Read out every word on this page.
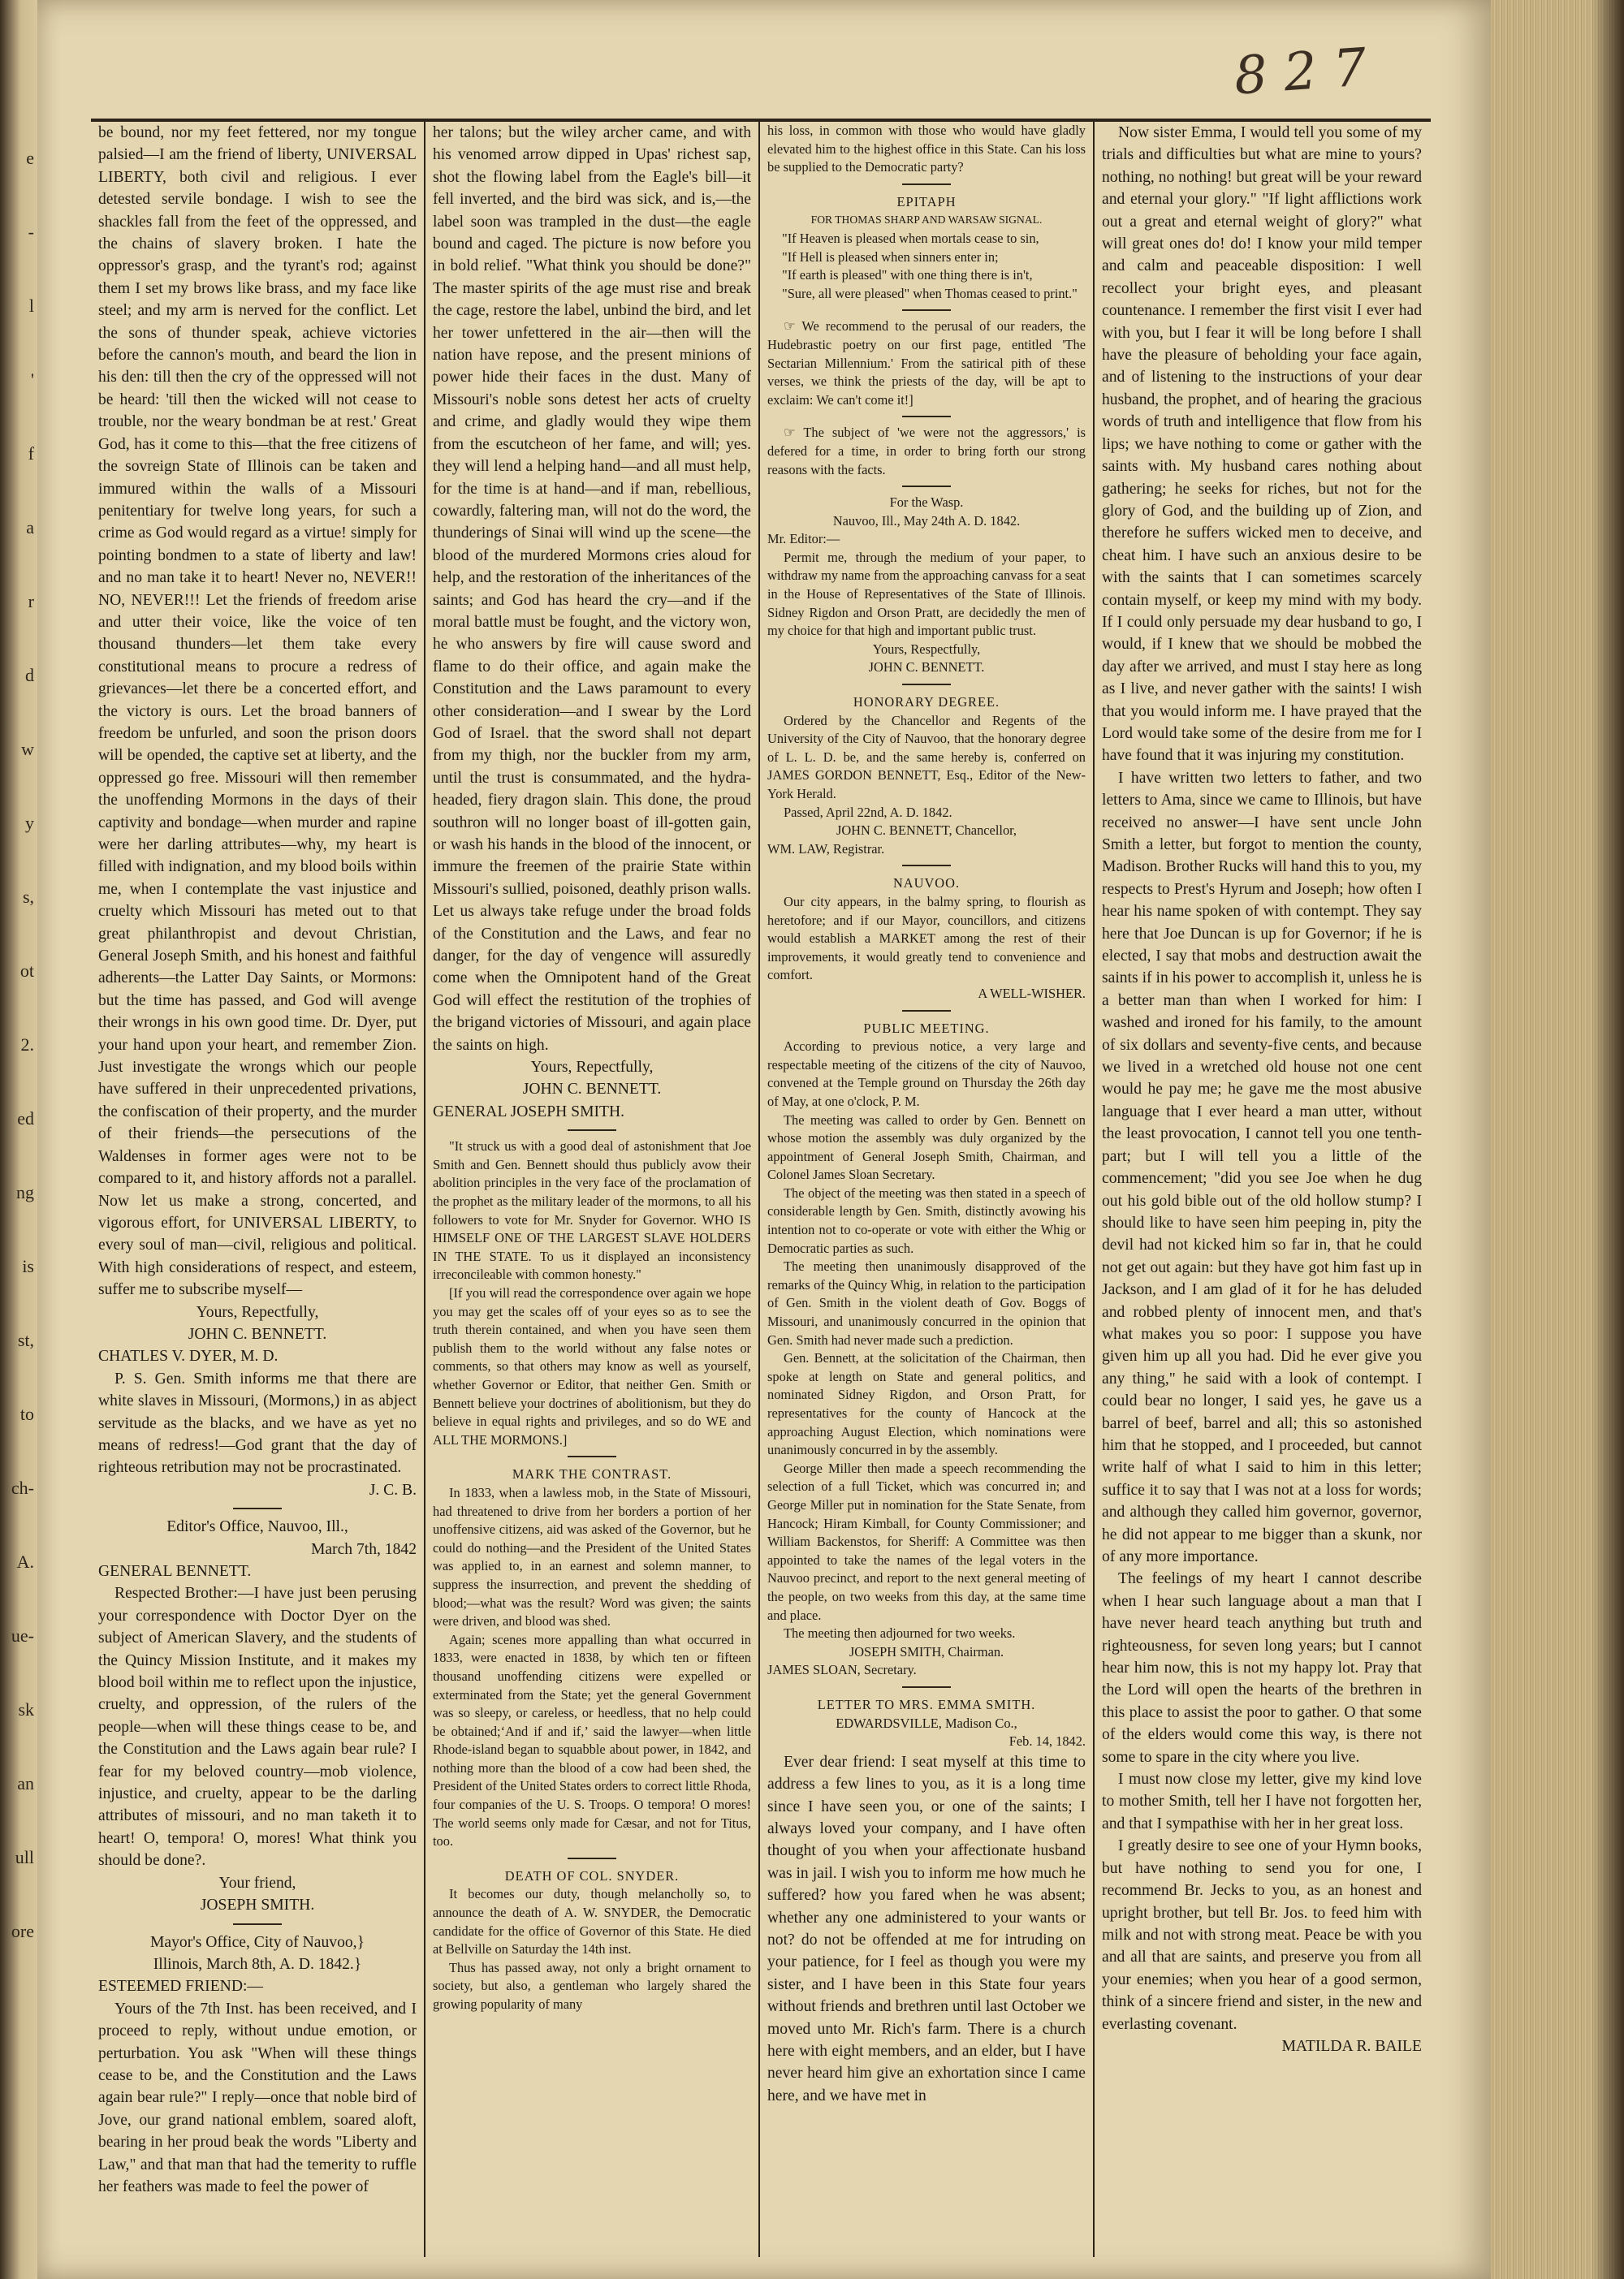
e
-
l
'
f
a
r
d
w
y
s,
ot
2.
ed
ng
is
st,
to
ch-
A.
ue-
sk
an
ull
ore
8 2 7

be bound, nor my feet fettered, nor my tongue palsied—I am the friend of liberty, UNIVERSAL LIBERTY, both civil and religious. I ever detested servile bondage. I wish to see the shackles fall from the feet of the oppressed, and the chains of slavery broken. I hate the oppressor's grasp, and the tyrant's rod; against them I set my brows like brass, and my face like steel; and my arm is nerved for the conflict. Let the sons of thunder speak, achieve victories before the cannon's mouth, and beard the lion in his den: till then the cry of the oppressed will not be heard: 'till then the wicked will not cease to trouble, nor the weary bondman be at rest.' Great God, has it come to this—that the free citizens of the sovreign State of Illinois can be taken and immured within the walls of a Missouri penitentiary for twelve long years, for such a crime as God would regard as a virtue! simply for pointing bondmen to a state of liberty and law! and no man take it to heart! Never no, NEVER!! NO, NEVER!!! Let the friends of freedom arise and utter their voice, like the voice of ten thousand thunders—let them take every constitutional means to procure a redress of grievances—let there be a concerted effort, and the victory is ours. Let the broad banners of freedom be unfurled, and soon the prison doors will be opended, the captive set at liberty, and the oppressed go free. Missouri will then remember the unoffending Mormons in the days of their captivity and bondage—when murder and rapine were her darling attributes—why, my heart is filled with indignation, and my blood boils within me, when I contemplate the vast injustice and cruelty which Missouri has meted out to that great philanthropist and devout Christian, General Joseph Smith, and his honest and faithful adherents—the Latter Day Saints, or Mormons: but the time has passed, and God will avenge their wrongs in his own good time. Dr. Dyer, put your hand upon your heart, and remember Zion. Just investigate the wrongs which our people have suffered in their unprecedented privations, the confiscation of their property, and the murder of their friends—the persecutions of the Waldenses in former ages were not to be compared to it, and history affords not a parallel. Now let us make a strong, concerted, and vigorous effort, for UNIVERSAL LIBERTY, to every soul of man—civil, religious and political. With high considerations of respect, and esteem, suffer me to subscribe myself—

Yours, Repectfully,

JOHN C. BENNETT.

CHATLES V. DYER, M. D.

P. S. Gen. Smith informs me that there are white slaves in Missouri, (Mormons,) in as abject servitude as the blacks, and we have as yet no means of redress!—God grant that the day of righteous retribution may not be procrastinated.

J. C. B.

Editor's Office, Nauvoo, Ill.,

March 7th, 1842

GENERAL BENNETT.

Respected Brother:—I have just been perusing your correspondence with Doctor Dyer on the subject of American Slavery, and the students of the Quincy Mission Institute, and it makes my blood boil within me to reflect upon the injustice, cruelty, and oppression, of the rulers of the people—when will these things cease to be, and the Constitution and the Laws again bear rule? I fear for my beloved country—mob violence, injustice, and cruelty, appear to be the darling attributes of missouri, and no man taketh it to heart! O, tempora! O, mores! What think you should be done?.

Your friend,

JOSEPH SMITH.

Mayor's Office, City of Nauvoo,}

Illinois, March 8th, A. D. 1842.}

ESTEEMED FRIEND:—

Yours of the 7th Inst. has been received, and I proceed to reply, without undue emotion, or perturbation. You ask "When will these things cease to be, and the Constitution and the Laws again bear rule?" I reply—once that noble bird of Jove, our grand national emblem, soared aloft, bearing in her proud beak the words "Liberty and Law," and that man that had the temerity to ruffle her feathers was made to feel the power of

her talons; but the wiley archer came, and with his venomed arrow dipped in Upas' richest sap, shot the flowing label from the Eagle's bill—it fell inverted, and the bird was sick, and is,—the label soon was trampled in the dust—the eagle bound and caged. The picture is now before you in bold relief. "What think you should be done?" The master spirits of the age must rise and break the cage, restore the label, unbind the bird, and let her tower unfettered in the air—then will the nation have repose, and the present minions of power hide their faces in the dust. Many of Missouri's noble sons detest her acts of cruelty and crime, and gladly would they wipe them from the escutcheon of her fame, and will; yes. they will lend a helping hand—and all must help, for the time is at hand—and if man, rebellious, cowardly, faltering man, will not do the word, the thunderings of Sinai will wind up the scene—the blood of the murdered Mormons cries aloud for help, and the restoration of the inheritances of the saints; and God has heard the cry—and if the moral battle must be fought, and the victory won, he who answers by fire will cause sword and flame to do their office, and again make the Constitution and the Laws paramount to every other consideration—and I swear by the Lord God of Israel. that the sword shall not depart from my thigh, nor the buckler from my arm, until the trust is consummated, and the hydra-headed, fiery dragon slain. This done, the proud southron will no longer boast of ill-gotten gain, or wash his hands in the blood of the innocent, or immure the freemen of the prairie State within Missouri's sullied, poisoned, deathly prison walls. Let us always take refuge under the broad folds of the Constitution and the Laws, and fear no danger, for the day of vengence will assuredly come when the Omnipotent hand of the Great God will effect the restitution of the trophies of the brigand victories of Missouri, and again place the saints on high.

Yours, Repectfully,

JOHN C. BENNETT.

GENERAL JOSEPH SMITH.

"It struck us with a good deal of astonishment that Joe Smith and Gen. Bennett should thus publicly avow their abolition principles in the very face of the proclamation of the prophet as the military leader of the mormons, to all his followers to vote for Mr. Snyder for Governor. WHO IS HIMSELF ONE OF THE LARGEST SLAVE HOLDERS IN THE STATE. To us it displayed an inconsistency irreconcileable with common honesty."

[If you will read the correspondence over again we hope you may get the scales off of your eyes so as to see the truth therein contained, and when you have seen them publish them to the world without any false notes or comments, so that others may know as well as yourself, whether Governor or Editor, that neither Gen. Smith or Bennett believe your doctrines of abolitionism, but they do believe in equal rights and privileges, and so do WE and ALL THE MORMONS.]

MARK THE CONTRAST.

In 1833, when a lawless mob, in the State of Missouri, had threatened to drive from her borders a portion of her unoffensive citizens, aid was asked of the Governor, but he could do nothing—and the President of the United States was applied to, in an earnest and solemn manner, to suppress the insurrection, and prevent the shedding of blood;—what was the result? Word was given; the saints were driven, and blood was shed.

Again; scenes more appalling than what occurred in 1833, were enacted in 1838, by which ten or fifteen thousand unoffending citizens were expelled or exterminated from the State; yet the general Government was so sleepy, or careless, or heedless, that no help could be obtained;‘And if and if,’ said the lawyer—when little Rhode-island began to squabble about power, in 1842, and nothing more than the blood of a cow had been shed, the President of the United States orders to correct little Rhoda, four companies of the U. S. Troops. O tempora! O mores! The world seems only made for Cæsar, and not for Titus, too.

DEATH OF COL. SNYDER.

It becomes our duty, though melancholly so, to announce the death of A. W. SNYDER, the Democratic candidate for the office of Governor of this State. He died at Bellville on Saturday the 14th inst.

Thus has passed away, not only a bright ornament to society, but also, a gentleman who largely shared the growing popularity of many

his loss, in common with those who would have gladly elevated him to the highest office in this State. Can his loss be supplied to the Democratic party?

EPITAPH

FOR THOMAS SHARP AND WARSAW SIGNAL.

"If Heaven is pleased when mortals cease to sin,

"If Hell is pleased when sinners enter in;

"If earth is pleased" with one thing there is in't,

"Sure, all were pleased" when Thomas ceased to print."

☞ We recommend to the perusal of our readers, the Hudebrastic poetry on our first page, entitled 'The Sectarian Millennium.' From the satirical pith of these verses, we think the priests of the day, will be apt to exclaim: We can't come it!]

☞ The subject of 'we were not the aggressors,' is defered for a time, in order to bring forth our strong reasons with the facts.

For the Wasp.

Nauvoo, Ill., May 24th A. D. 1842.

Mr. Editor:—

Permit me, through the medium of your paper, to withdraw my name from the approaching canvass for a seat in the House of Representatives of the State of Illinois. Sidney Rigdon and Orson Pratt, are decidedly the men of my choice for that high and important public trust.

Yours, Respectfully,

JOHN C. BENNETT.

HONORARY DEGREE.

Ordered by the Chancellor and Regents of the University of the City of Nauvoo, that the honorary degree of L. L. D. be, and the same hereby is, conferred on JAMES GORDON BENNETT, Esq., Editor of the New-York Herald.

Passed, April 22nd, A. D. 1842.

JOHN C. BENNETT, Chancellor,

WM. LAW, Registrar.

NAUVOO.

Our city appears, in the balmy spring, to flourish as heretofore; and if our Mayor, councillors, and citizens would establish a MARKET among the rest of their improvements, it would greatly tend to convenience and comfort.

A WELL-WISHER.

PUBLIC MEETING.

According to previous notice, a very large and respectable meeting of the citizens of the city of Nauvoo, convened at the Temple ground on Thursday the 26th day of May, at one o'clock, P. M.

The meeting was called to order by Gen. Bennett on whose motion the assembly was duly organized by the appointment of General Joseph Smith, Chairman, and Colonel James Sloan Secretary.

The object of the meeting was then stated in a speech of considerable length by Gen. Smith, distinctly avowing his intention not to co-operate or vote with either the Whig or Democratic parties as such.

The meeting then unanimously disapproved of the remarks of the Quincy Whig, in relation to the participation of Gen. Smith in the violent death of Gov. Boggs of Missouri, and unanimously concurred in the opinion that Gen. Smith had never made such a prediction.

Gen. Bennett, at the solicitation of the Chairman, then spoke at length on State and general politics, and nominated Sidney Rigdon, and Orson Pratt, for representatives for the county of Hancock at the approaching August Election, which nominations were unanimously concurred in by the assembly.

George Miller then made a speech recommending the selection of a full Ticket, which was concurred in; and George Miller put in nomination for the State Senate, from Hancock; Hiram Kimball, for County Commissioner; and William Backenstos, for Sheriff: A Committee was then appointed to take the names of the legal voters in the Nauvoo precinct, and report to the next general meeting of the people, on two weeks from this day, at the same time and place.

The meeting then adjourned for two weeks.

JOSEPH SMITH, Chairman.

JAMES SLOAN, Secretary.

LETTER TO MRS. EMMA SMITH.

EDWARDSVILLE, Madison Co.,

Feb. 14, 1842.

Ever dear friend: I seat myself at this time to address a few lines to you, as it is a long time since I have seen you, or one of the saints; I always loved your company, and I have often thought of you when your affectionate husband was in jail. I wish you to inform me how much he suffered? how you fared when he was absent; whether any one administered to your wants or not? do not be offended at me for intruding on your patience, for I feel as though you were my sister, and I have been in this State four years without friends and brethren until last October we moved unto Mr. Rich's farm. There is a church here with eight members, and an elder, but I have never heard him give an exhortation since I came here, and we have met in

Now sister Emma, I would tell you some of my trials and difficulties but what are mine to yours? nothing, no nothing! but great will be your reward and eternal your glory." "If light afflictions work out a great and eternal weight of glory?" what will great ones do! do! I know your mild temper and calm and peaceable disposition: I well recollect your bright eyes, and pleasant countenance. I remember the first visit I ever had with you, but I fear it will be long before I shall have the pleasure of beholding your face again, and of listening to the instructions of your dear husband, the prophet, and of hearing the gracious words of truth and intelligence that flow from his lips; we have nothing to come or gather with the saints with. My husband cares nothing about gathering; he seeks for riches, but not for the glory of God, and the building up of Zion, and therefore he suffers wicked men to deceive, and cheat him. I have such an anxious desire to be with the saints that I can sometimes scarcely contain myself, or keep my mind with my body. If I could only persuade my dear husband to go, I would, if I knew that we should be mobbed the day after we arrived, and must I stay here as long as I live, and never gather with the saints! I wish that you would inform me. I have prayed that the Lord would take some of the desire from me for I have found that it was injuring my constitution.

I have written two letters to father, and two letters to Ama, since we came to Illinois, but have received no answer—I have sent uncle John Smith a letter, but forgot to mention the county, Madison. Brother Rucks will hand this to you, my respects to Prest's Hyrum and Joseph; how often I hear his name spoken of with contempt. They say here that Joe Duncan is up for Governor; if he is elected, I say that mobs and destruction await the saints if in his power to accomplish it, unless he is a better man than when I worked for him: I washed and ironed for his family, to the amount of six dollars and seventy-five cents, and because we lived in a wretched old house not one cent would he pay me; he gave me the most abusive language that I ever heard a man utter, without the least provocation, I cannot tell you one tenth-part; but I will tell you a little of the commencement; "did you see Joe when he dug out his gold bible out of the old hollow stump? I should like to have seen him peeping in, pity the devil had not kicked him so far in, that he could not get out again: but they have got him fast up in Jackson, and I am glad of it for he has deluded and robbed plenty of innocent men, and that's what makes you so poor: I suppose you have given him up all you had. Did he ever give you any thing," he said with a look of contempt. I could bear no longer, I said yes, he gave us a barrel of beef, barrel and all; this so astonished him that he stopped, and I proceeded, but cannot write half of what I said to him in this letter; suffice it to say that I was not at a loss for words; and although they called him governor, governor, he did not appear to me bigger than a skunk, nor of any more importance.

The feelings of my heart I cannot describe when I hear such language about a man that I have never heard teach anything but truth and righteousness, for seven long years; but I cannot hear him now, this is not my happy lot. Pray that the Lord will open the hearts of the brethren in this place to assist the poor to gather. O that some of the elders would come this way, is there not some to spare in the city where you live.

I must now close my letter, give my kind love to mother Smith, tell her I have not forgotten her, and that I sympathise with her in her great loss.

I greatly desire to see one of your Hymn books, but have nothing to send you for one, I recommend Br. Jecks to you, as an honest and upright brother, but tell Br. Jos. to feed him with milk and not with strong meat. Peace be with you and all that are saints, and preserve you from all your enemies; when you hear of a good sermon, think of a sincere friend and sister, in the new and everlasting covenant.

MATILDA R. BAILE
